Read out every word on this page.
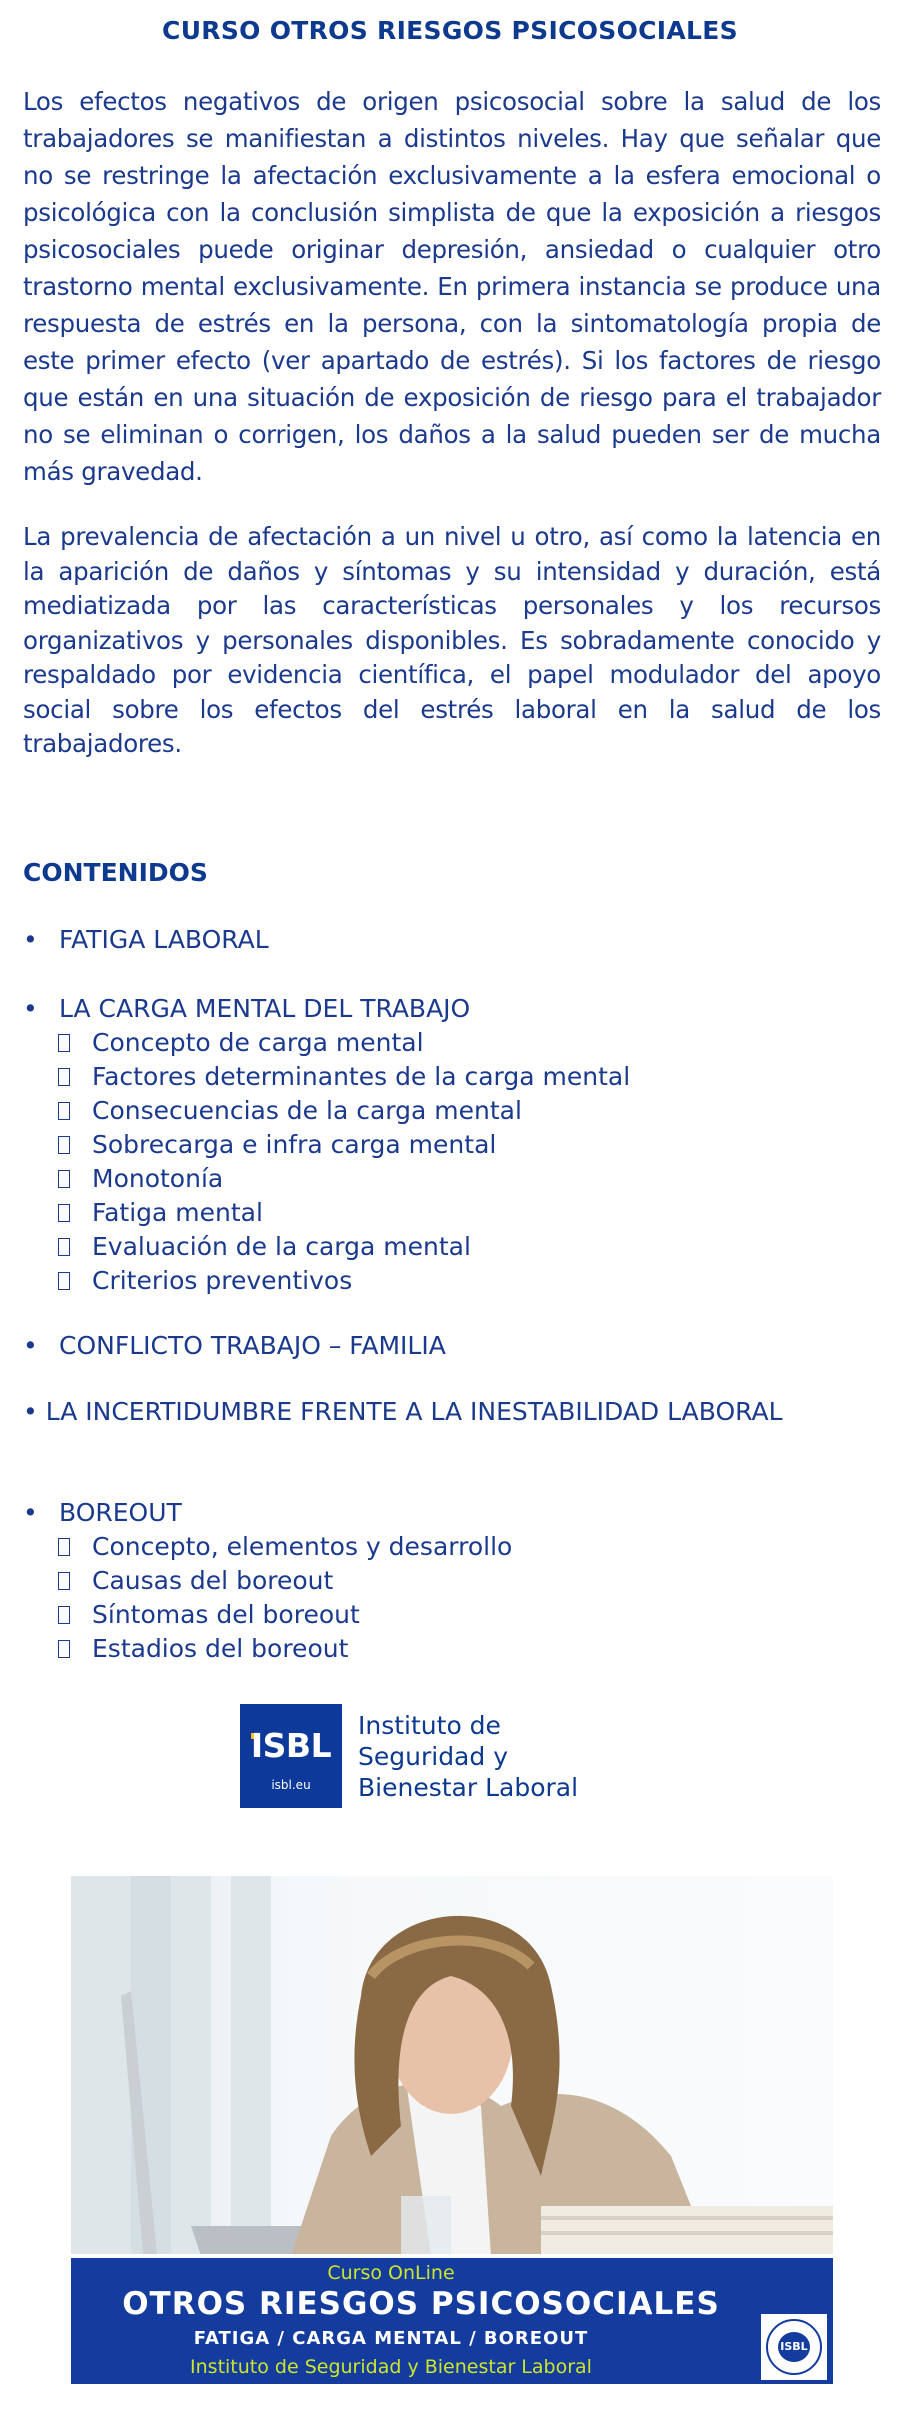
CURSO OTROS RIESGOS PSICOSOCIALES
Los efectos negativos de origen psicosocial sobre la salud de los trabajadores se manifiestan a distintos niveles. Hay que señalar que no se restringe la afectación exclusivamente a la esfera emocional o psicológica con la conclusión simplista de que la exposición a riesgos psicosociales puede originar depresión, ansiedad o cualquier otro trastorno mental exclusivamente. En primera instancia se produce una respuesta de estrés en la persona, con la sintomatología propia de este primer efecto (ver apartado de estrés). Si los factores de riesgo que están en una situación de exposición de riesgo para el trabajador no se eliminan o corrigen, los daños a la salud pueden ser de mucha más gravedad.
La prevalencia de afectación a un nivel u otro, así como la latencia en la aparición de daños y síntomas y su intensidad y duración, está mediatizada por las características personales y los recursos organizativos y personales disponibles. Es sobradamente conocido y respaldado por evidencia científica, el papel modulador del apoyo social sobre los efectos del estrés laboral en la salud de los trabajadores.
CONTENIDOS
• FATIGA LABORAL
• LA CARGA MENTAL DEL TRABAJO
Concepto de carga mental
Factores determinantes de la carga mental
Consecuencias de la carga mental
Sobrecarga e infra carga mental
Monotonía
Fatiga mental
Evaluación de la carga mental
Criterios preventivos
• CONFLICTO TRABAJO – FAMILIA
• LA INCERTIDUMBRE FRENTE A LA INESTABILIDAD LABORAL
• BOREOUT
Concepto, elementos y desarrollo
Causas del boreout
Síntomas del boreout
Estadios del boreout
ISBL
isbl.eu
Instituto de
Seguridad y
Bienestar Laboral
Curso OnLine
OTROS RIESGOS PSICOSOCIALES
FATIGA / CARGA MENTAL / BOREOUT
Instituto de Seguridad y Bienestar Laboral
ISBL
